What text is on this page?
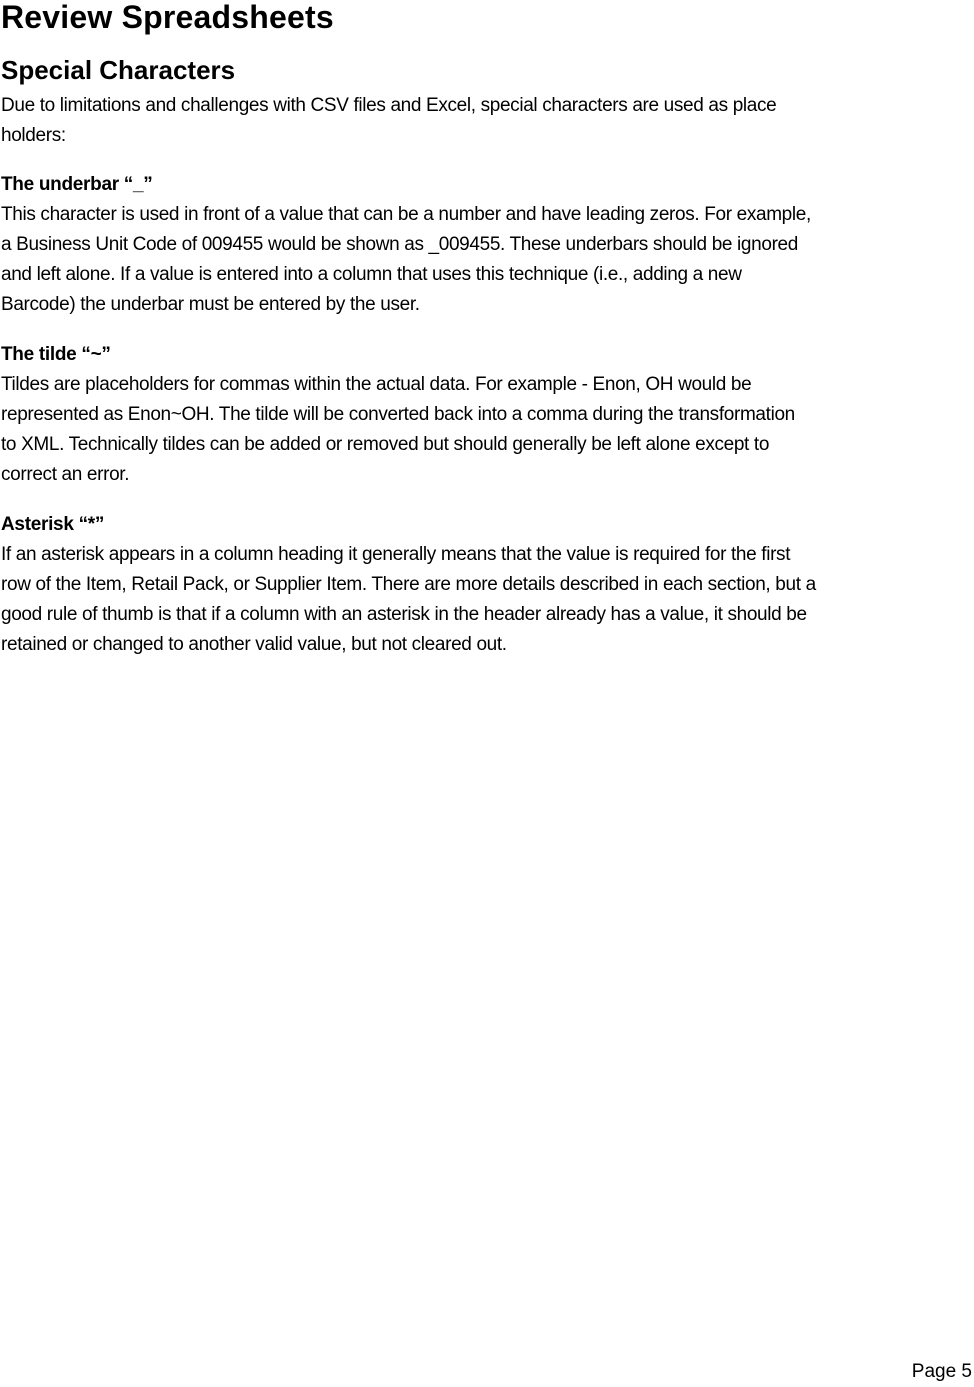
Review Spreadsheets
Special Characters
Due to limitations and challenges with CSV files and Excel, special characters are used as place
holders:
The underbar “_”
This character is used in front of a value that can be a number and have leading zeros. For example,
a Business Unit Code of 009455 would be shown as _009455. These underbars should be ignored
and left alone. If a value is entered into a column that uses this technique (i.e., adding a new
Barcode) the underbar must be entered by the user.
The tilde “~”
Tildes are placeholders for commas within the actual data. For example - Enon, OH would be
represented as Enon~OH. The tilde will be converted back into a comma during the transformation
to XML. Technically tildes can be added or removed but should generally be left alone except to
correct an error.
Asterisk “*”
If an asterisk appears in a column heading it generally means that the value is required for the first
row of the Item, Retail Pack, or Supplier Item. There are more details described in each section, but a
good rule of thumb is that if a column with an asterisk in the header already has a value, it should be
retained or changed to another valid value, but not cleared out.
Page 5
